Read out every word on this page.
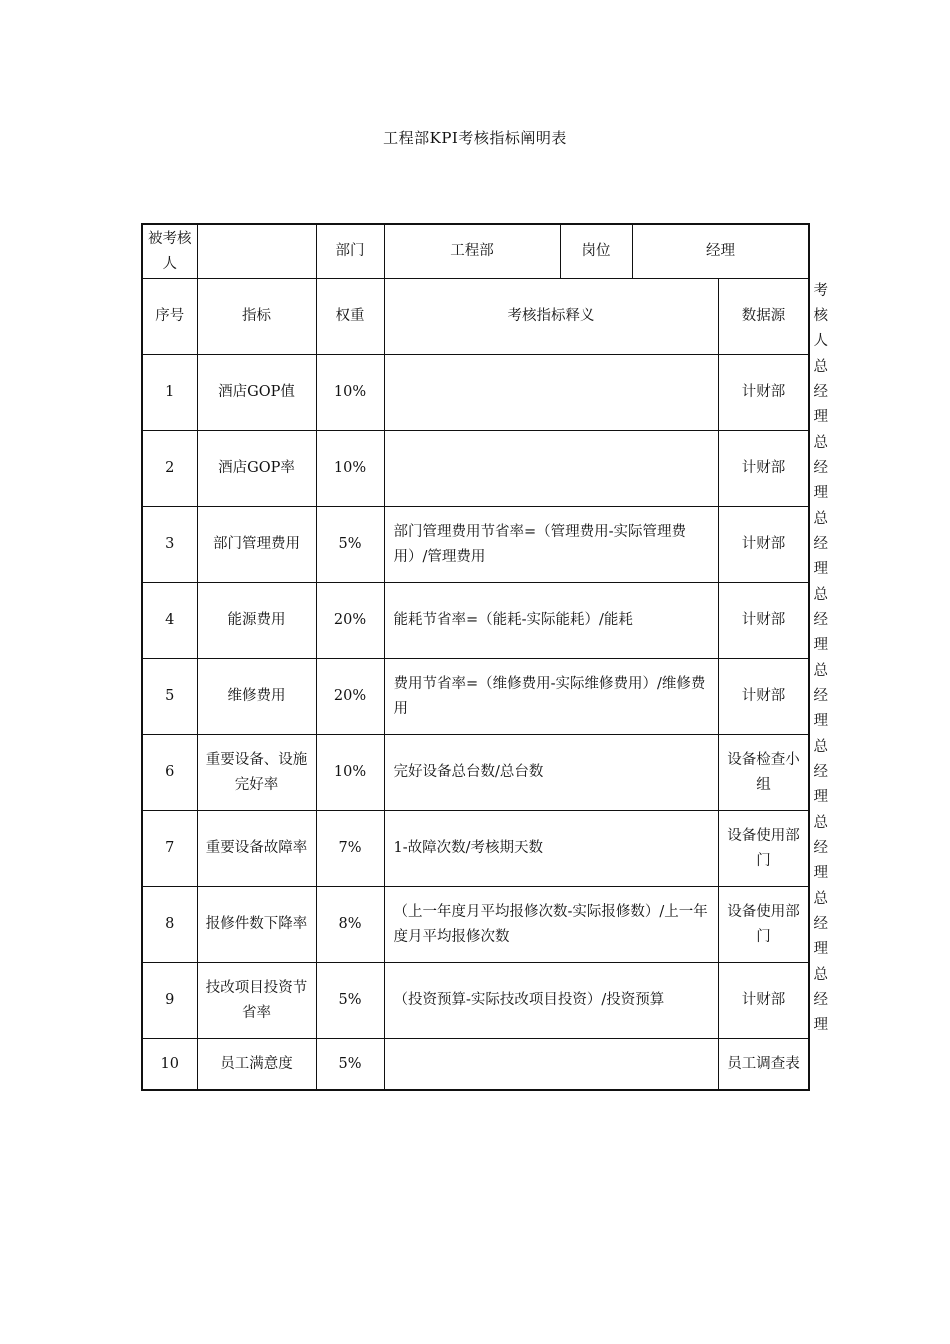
工程部KPI考核指标阐明表
被考核人		部门	工程部	岗位	经理		
序号	指标	权重	考核指标释义			数据源	考核人
1	酒店GOP值	10%				计财部	总经理
2	酒店GOP率	10%				计财部	总经理
3	部门管理费用	5%	部门管理费用节省率=（管理费用-实际管理费用）/管理费用			计财部	总经理
4	能源费用	20%	能耗节省率=（能耗-实际能耗）/能耗			计财部	总经理
5	维修费用	20%	费用节省率=（维修费用-实际维修费用）/维修费用			计财部	总经理
6	重要设备、设施完好率	10%	完好设备总台数/总台数			设备检查小组	总经理
7	重要设备故障率	7%	1-故障次数/考核期天数			设备使用部门	总经理
8	报修件数下降率	8%	（上一年度月平均报修次数-实际报修数）/上一年度月平均报修次数			设备使用部门	总经理
9	技改项目投资节省率	5%	（投资预算-实际技改项目投资）/投资预算			计财部	总经理
10	员工满意度	5%				员工调查表	
